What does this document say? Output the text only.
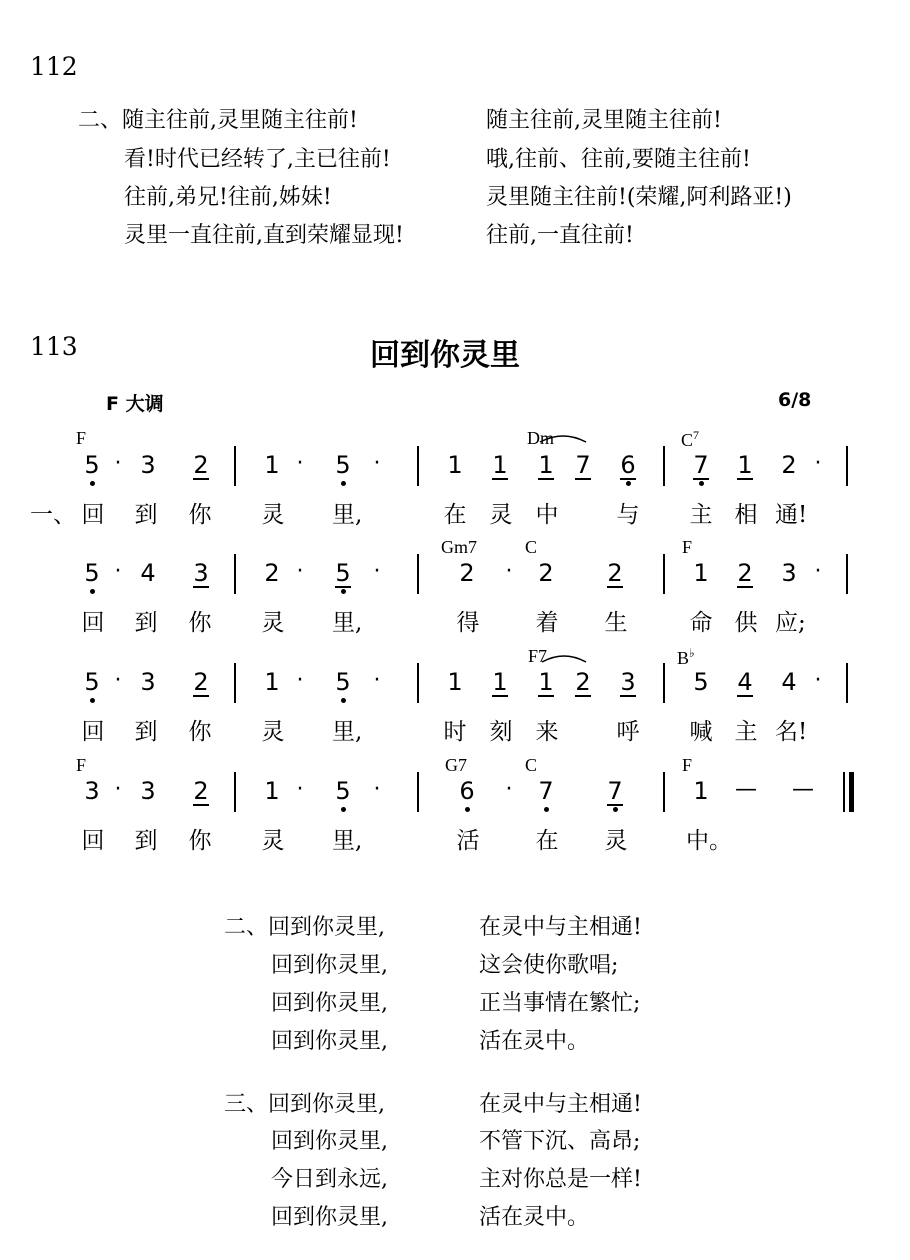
112
二、随主往前,灵里随主往前!	随主往前,灵里随主往前!
看!时代已经转了,主已往前!	哦,往前、往前,要随主往前!
往前,弟兄!往前,姊妹!	灵里随主往前!(荣耀,阿利路亚!)
灵里一直往前,直到荣耀显现!	往前,一直往前!
113	回到你灵里
F 大调	6/8
F	Dm	$C^7$
5 · 3 2 1 · 5 ·	1 1 1 7 6 7 1 2 ·
一、 回 到 你 灵 里,	在 灵 中	与 主 相 通!
Gm7	C	F
5 · 4 3 2 · 5 ·	2 · 2 2	1 2 3 ·
回 到 你 灵 里,	得 着 生	命 供 应;
F7	B♭
5 · 3 2 1 · 5 ·	1 1 1 2 3 5 4 4 ·
回 到 你 灵 里,	时 刻 来	呼 喊 主 名!
F	G7	C	F
3 · 3 2 1 · 5 ·	6 · 7 7	1 — —
回 到 你 灵 里,	活 在 灵	中。
二、回到你灵里,	在灵中与主相通!
回到你灵里,	这会使你歌唱;
回到你灵里,	正当事情在繁忙;
回到你灵里,	活在灵中。
三、回到你灵里,	在灵中与主相通!
回到你灵里,	不管下沉、高昂;
今日到永远,	主对你总是一样!
回到你灵里,	活在灵中。
